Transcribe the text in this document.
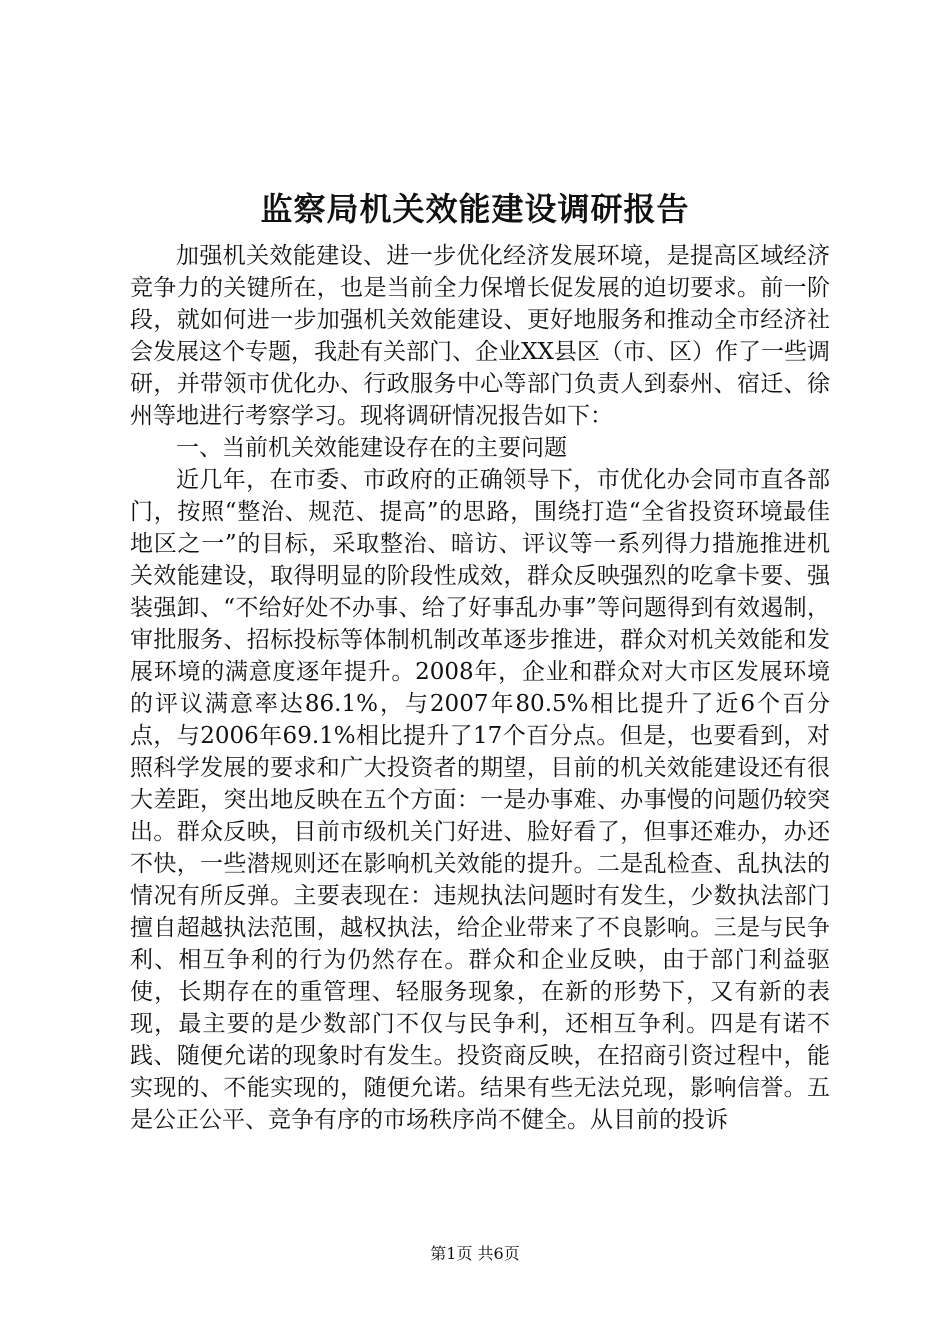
监察局机关效能建设调研报告

加强机关效能建设、进一步优化经济发展环境，是提高区域经济竞争力的关键所在，也是当前全力保增长促发展的迫切要求。前一阶段，就如何进一步加强机关效能建设、更好地服务和推动全市经济社会发展这个专题，我赴有关部门、企业XX县区（市、区）作了一些调研，并带领市优化办、行政服务中心等部门负责人到泰州、宿迁、徐州等地进行考察学习。现将调研情况报告如下：

一、当前机关效能建设存在的主要问题

近几年，在市委、市政府的正确领导下，市优化办会同市直各部门，按照“整治、规范、提高”的思路，围绕打造“全省投资环境最佳地区之一”的目标，采取整治、暗访、评议等一系列得力措施推进机关效能建设，取得明显的阶段性成效，群众反映强烈的吃拿卡要、强装强卸、“不给好处不办事、给了好事乱办事”等问题得到有效遏制，审批服务、招标投标等体制机制改革逐步推进，群众对机关效能和发展环境的满意度逐年提升。2008年，企业和群众对大市区发展环境的评议满意率达86.1%，与2007年80.5%相比提升了近6个百分点，与2006年69.1%相比提升了17个百分点。但是，也要看到，对照科学发展的要求和广大投资者的期望，目前的机关效能建设还有很大差距，突出地反映在五个方面：一是办事难、办事慢的问题仍较突出。群众反映，目前市级机关门好进、脸好看了，但事还难办，办还不快，一些潜规则还在影响机关效能的提升。二是乱检查、乱执法的情况有所反弹。主要表现在：违规执法问题时有发生，少数执法部门擅自超越执法范围，越权执法，给企业带来了不良影响。三是与民争利、相互争利的行为仍然存在。群众和企业反映，由于部门利益驱使，长期存在的重管理、轻服务现象，在新的形势下，又有新的表现，最主要的是少数部门不仅与民争利，还相互争利。四是有诺不践、随便允诺的现象时有发生。投资商反映，在招商引资过程中，能实现的、不能实现的，随便允诺。结果有些无法兑现，影响信誉。五是公正公平、竞争有序的市场秩序尚不健全。从目前的投诉

第1页 共6页
